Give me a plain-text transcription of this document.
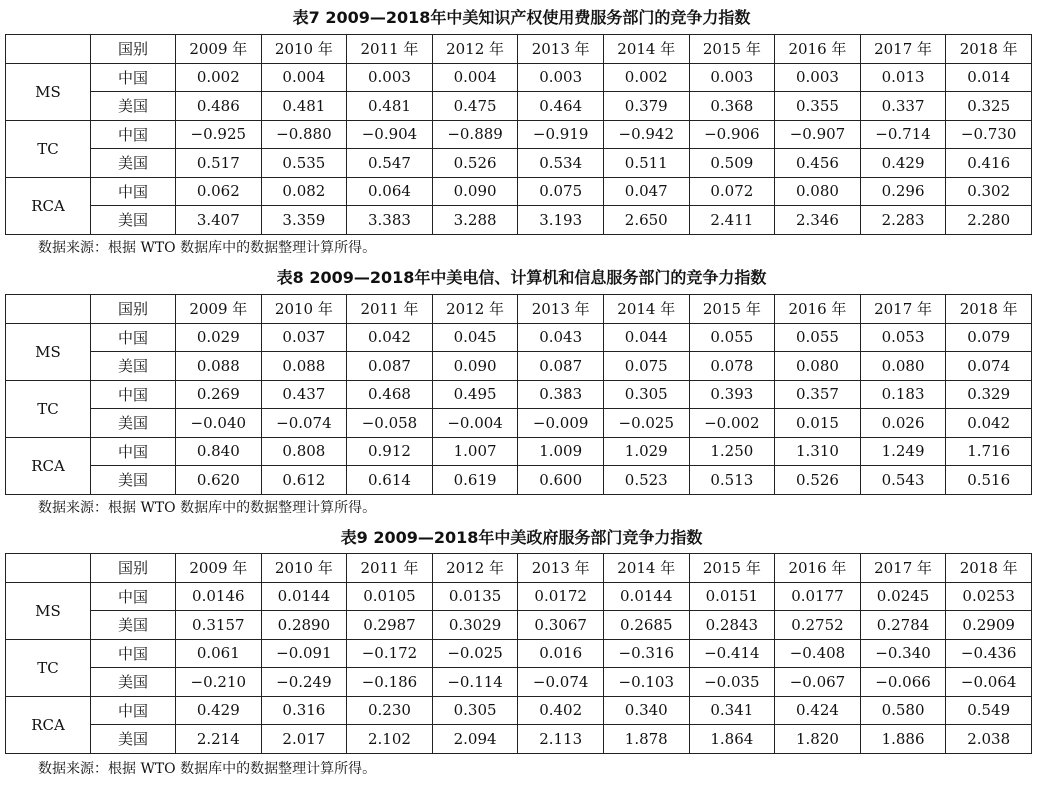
表7 2009—2018年中美知识产权使用费服务部门的竞争力指数
	国别	2009 年	2010 年	2011 年	2012 年	2013 年	2014 年	2015 年	2016 年	2017 年	2018 年
MS	中国	0.002	0.004	0.003	0.004	0.003	0.002	0.003	0.003	0.013	0.014
	美国	0.486	0.481	0.481	0.475	0.464	0.379	0.368	0.355	0.337	0.325
TC	中国	−0.925	−0.880	−0.904	−0.889	−0.919	−0.942	−0.906	−0.907	−0.714	−0.730
	美国	0.517	0.535	0.547	0.526	0.534	0.511	0.509	0.456	0.429	0.416
RCA	中国	0.062	0.082	0.064	0.090	0.075	0.047	0.072	0.080	0.296	0.302
	美国	3.407	3.359	3.383	3.288	3.193	2.650	2.411	2.346	2.283	2.280
数据来源：根据 WTO 数据库中的数据整理计算所得。
表8 2009—2018年中美电信、计算机和信息服务部门的竞争力指数
	国别	2009 年	2010 年	2011 年	2012 年	2013 年	2014 年	2015 年	2016 年	2017 年	2018 年
MS	中国	0.029	0.037	0.042	0.045	0.043	0.044	0.055	0.055	0.053	0.079
	美国	0.088	0.088	0.087	0.090	0.087	0.075	0.078	0.080	0.080	0.074
TC	中国	0.269	0.437	0.468	0.495	0.383	0.305	0.393	0.357	0.183	0.329
	美国	−0.040	−0.074	−0.058	−0.004	−0.009	−0.025	−0.002	0.015	0.026	0.042
RCA	中国	0.840	0.808	0.912	1.007	1.009	1.029	1.250	1.310	1.249	1.716
	美国	0.620	0.612	0.614	0.619	0.600	0.523	0.513	0.526	0.543	0.516
数据来源：根据 WTO 数据库中的数据整理计算所得。
表9 2009—2018年中美政府服务部门竞争力指数
	国别	2009 年	2010 年	2011 年	2012 年	2013 年	2014 年	2015 年	2016 年	2017 年	2018 年
MS	中国	0.0146	0.0144	0.0105	0.0135	0.0172	0.0144	0.0151	0.0177	0.0245	0.0253
	美国	0.3157	0.2890	0.2987	0.3029	0.3067	0.2685	0.2843	0.2752	0.2784	0.2909
TC	中国	0.061	−0.091	−0.172	−0.025	0.016	−0.316	−0.414	−0.408	−0.340	−0.436
	美国	−0.210	−0.249	−0.186	−0.114	−0.074	−0.103	−0.035	−0.067	−0.066	−0.064
RCA	中国	0.429	0.316	0.230	0.305	0.402	0.340	0.341	0.424	0.580	0.549
	美国	2.214	2.017	2.102	2.094	2.113	1.878	1.864	1.820	1.886	2.038
数据来源：根据 WTO 数据库中的数据整理计算所得。
